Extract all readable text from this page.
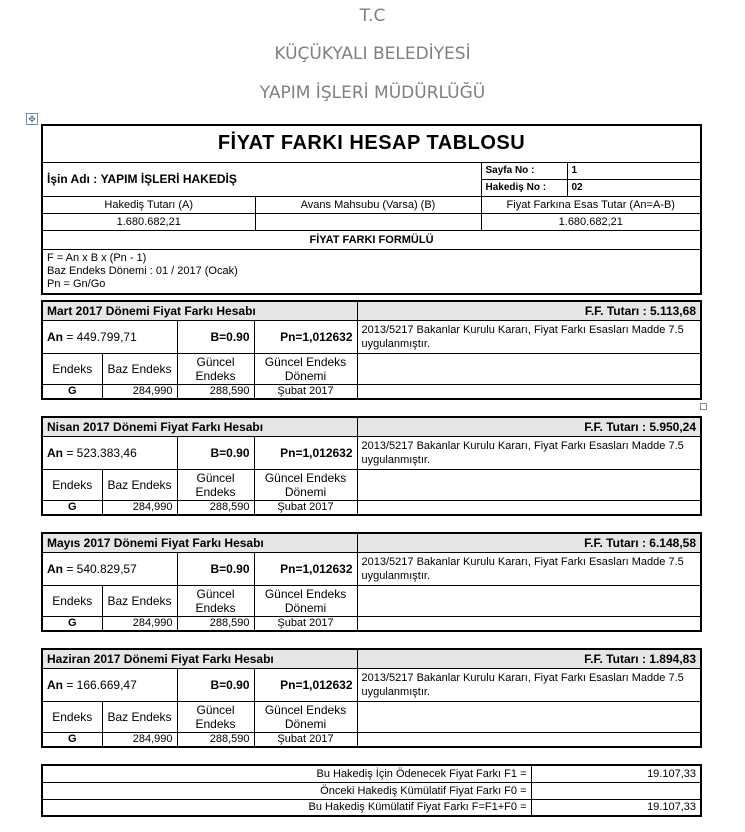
T.C
KÜÇÜKYALI BELEDİYESİ
YAPIM İŞLERİ MÜDÜRLÜĞÜ
✥
FİYAT FARKI HESAP TABLOSU			
İşin Adı : YAPIM İŞLERİ HAKEDİŞ		Sayfa No :	1
		Hakediş No :	02
Hakediş Tutarı (A)	Avans Mahsubu (Varsa) (B)	Fiyat Farkına Esas Tutar (An=A-B)	
1.680.682,21		1.680.682,21	
FİYAT FARKI FORMÜLÜ			

F = An x B x (Pn - 1)
Baz Endeks Dönemi : 01 / 2017 (Ocak)
Pn = Gn/Go			
Mart 2017 Dönemi Fiyat Farkı Hesabı				F.F. Tutarı : 5.113,68
An = 449.799,71		B=0.90	Pn=1,012632	2013/5217 Bakanlar Kurulu Kararı, Fiyat Farkı Esasları Madde 7.5 uygulanmıştır.
Endeks	Baz Endeks	Güncel Endeks	Güncel Endeks Dönemi	
G	284,990	288,590	Şubat 2017	
Nisan 2017 Dönemi Fiyat Farkı Hesabı				F.F. Tutarı : 5.950,24
An = 523.383,46		B=0.90	Pn=1,012632	2013/5217 Bakanlar Kurulu Kararı, Fiyat Farkı Esasları Madde 7.5 uygulanmıştır.
Endeks	Baz Endeks	Güncel Endeks	Güncel Endeks Dönemi	
G	284,990	288,590	Şubat 2017	
Mayıs 2017 Dönemi Fiyat Farkı Hesabı				F.F. Tutarı : 6.148,58
An = 540.829,57		B=0.90	Pn=1,012632	2013/5217 Bakanlar Kurulu Kararı, Fiyat Farkı Esasları Madde 7.5 uygulanmıştır.
Endeks	Baz Endeks	Güncel Endeks	Güncel Endeks Dönemi	
G	284,990	288,590	Şubat 2017	
Haziran 2017 Dönemi Fiyat Farkı Hesabı				F.F. Tutarı : 1.894,83
An = 166.669,47		B=0.90	Pn=1,012632	2013/5217 Bakanlar Kurulu Kararı, Fiyat Farkı Esasları Madde 7.5 uygulanmıştır.
Endeks	Baz Endeks	Güncel Endeks	Güncel Endeks Dönemi	
G	284,990	288,590	Şubat 2017	
Bu Hakediş İçin Ödenecek Fiyat Farkı F1 =	19.107,33
Önceki Hakediş Kümülatif Fiyat Farkı F0 =	
Bu Hakediş Kümülatif Fiyat Farkı F=F1+F0 =	19.107,33
